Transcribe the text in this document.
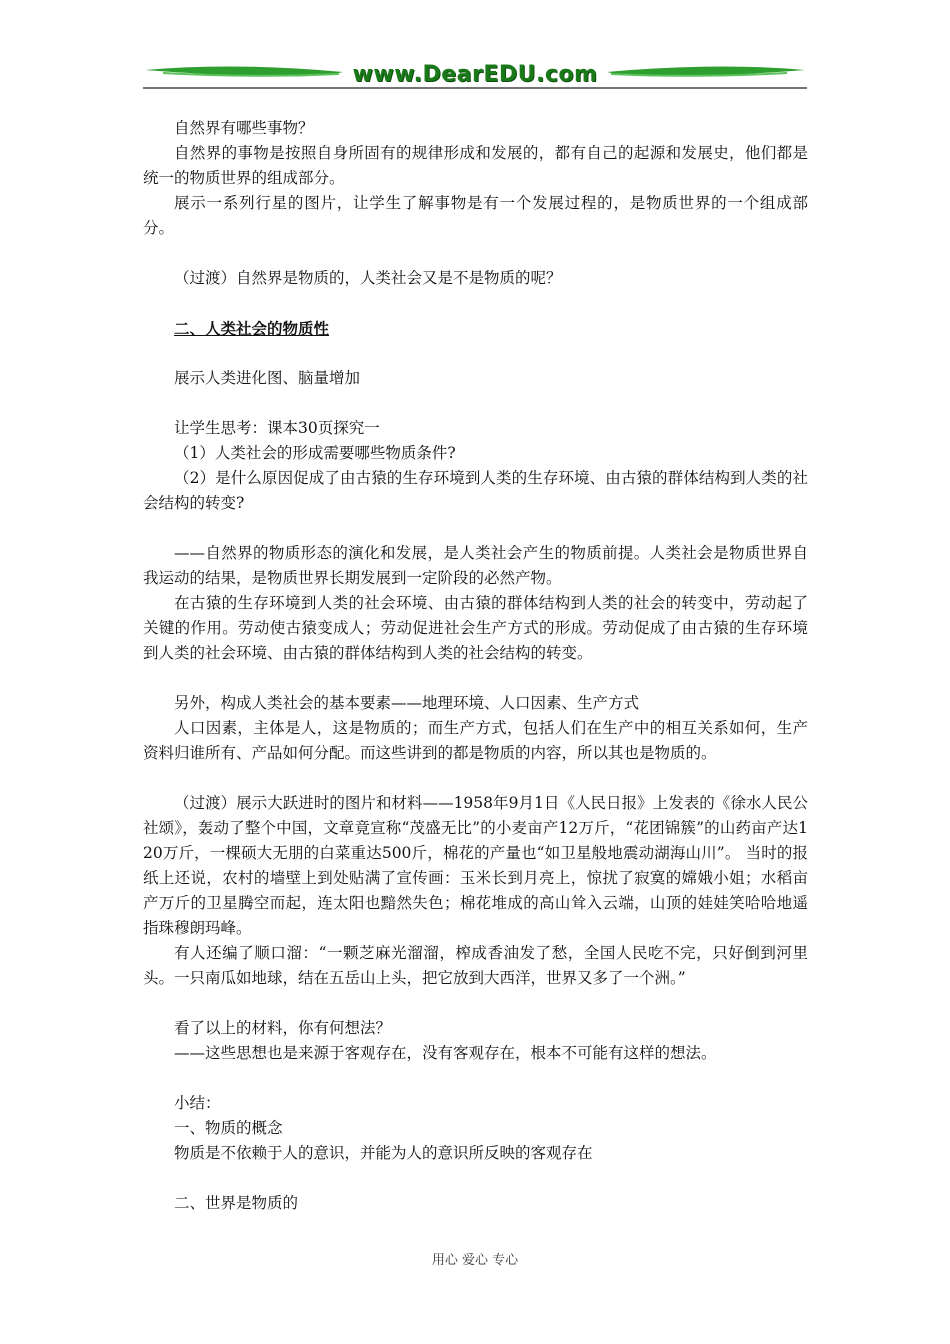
www.DearEDU.com

自然界有哪些事物？

自然界的事物是按照自身所固有的规律形成和发展的，都有自己的起源和发展史，他们都是统一的物质世界的组成部分。

展示一系列行星的图片，让学生了解事物是有一个发展过程的，是物质世界的一个组成部分。

（过渡）自然界是物质的，人类社会又是不是物质的呢？

二、人类社会的物质性

展示人类进化图、脑量增加

让学生思考：课本30页探究一

（1）人类社会的形成需要哪些物质条件?

（2）是什么原因促成了由古猿的生存环境到人类的生存环境、由古猿的群体结构到人类的社会结构的转变?

——自然界的物质形态的演化和发展，是人类社会产生的物质前提。人类社会是物质世界自我运动的结果，是物质世界长期发展到一定阶段的必然产物。

在古猿的生存环境到人类的社会环境、由古猿的群体结构到人类的社会的转变中，劳动起了关键的作用。劳动使古猿变成人；劳动促进社会生产方式的形成。劳动促成了由古猿的生存环境到人类的社会环境、由古猿的群体结构到人类的社会结构的转变。

另外，构成人类社会的基本要素——地理环境、人口因素、生产方式

人口因素，主体是人，这是物质的；而生产方式，包括人们在生产中的相互关系如何，生产资料归谁所有、产品如何分配。而这些讲到的都是物质的内容，所以其也是物质的。

（过渡）展示大跃进时的图片和材料——1958年9月1日《人民日报》上发表的《徐水人民公社颂》，轰动了整个中国，文章竟宣称“茂盛无比”的小麦亩产12万斤，“花团锦簇”的山药亩产达120万斤，一棵硕大无朋的白菜重达500斤，棉花的产量也“如卫星般地震动湖海山川”。 当时的报纸上还说，农村的墙壁上到处贴满了宣传画：玉米长到月亮上，惊扰了寂寞的嫦娥小姐；水稻亩产万斤的卫星腾空而起，连太阳也黯然失色；棉花堆成的高山耸入云端，山顶的娃娃笑哈哈地遥指珠穆朗玛峰。

有人还编了顺口溜：“一颗芝麻光溜溜，榨成香油发了愁，全国人民吃不完，只好倒到河里头。一只南瓜如地球，结在五岳山上头，把它放到大西洋，世界又多了一个洲。”

看了以上的材料，你有何想法？

——这些思想也是来源于客观存在，没有客观存在，根本不可能有这样的想法。

小结：

一、物质的概念

物质是不依赖于人的意识，并能为人的意识所反映的客观存在

二、世界是物质的

用心 爱心 专心
